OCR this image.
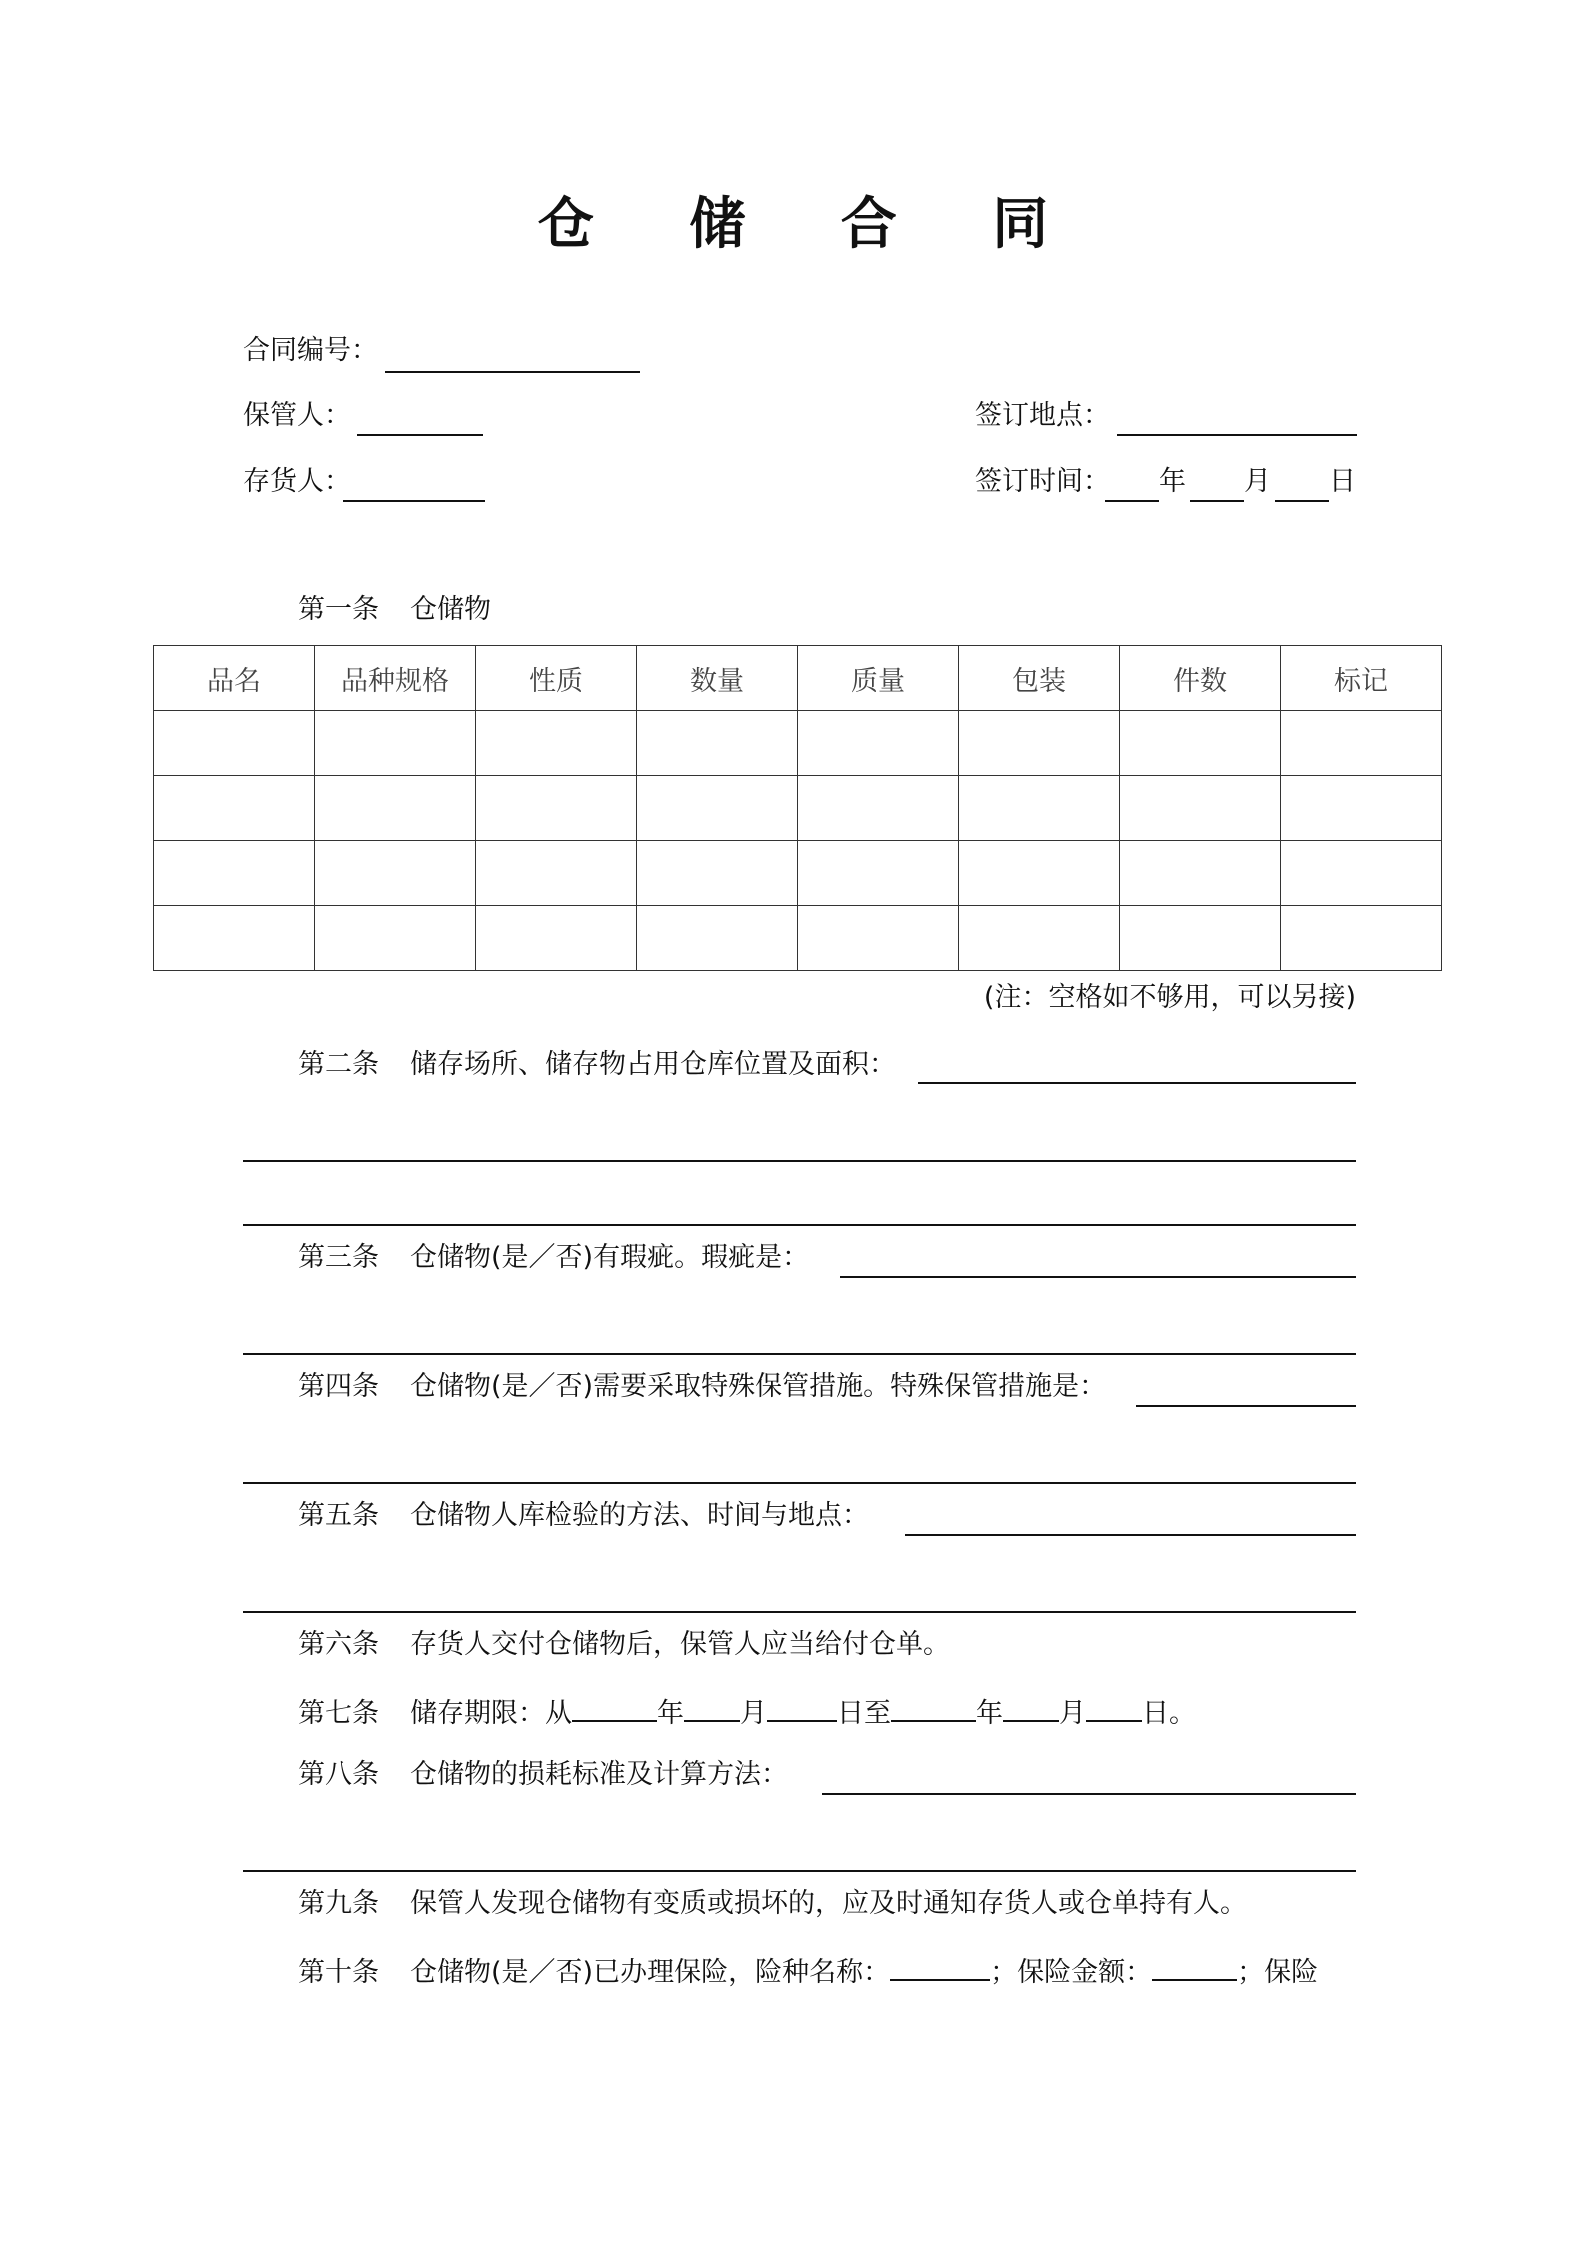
仓 储 合 同
合同编号：
保管人：	签订地点：
存货人：	签订时间： 年 月 日
第一条 仓储物
品名	品种规格	性质	数量	质量	包装	件数	标记

(注：空格如不够用，可以另接)
第二条 储存场所、储存物占用仓库位置及面积：
第三条 仓储物(是／否)有瑕疵。瑕疵是：
第四条 仓储物(是／否)需要采取特殊保管措施。特殊保管措施是：
第五条 仓储物人库检验的方法、时间与地点：
第六条 存货人交付仓储物后，保管人应当给付仓单。
第七条 储存期限：从	年 月	日至	年 月 日。
第八条 仓储物的损耗标准及计算方法：
第九条 保管人发现仓储物有变质或损坏的，应及时通知存货人或仓单持有人。
第十条 仓储物(是／否)已办理保险，险种名称：	；保险金额：	；保险
